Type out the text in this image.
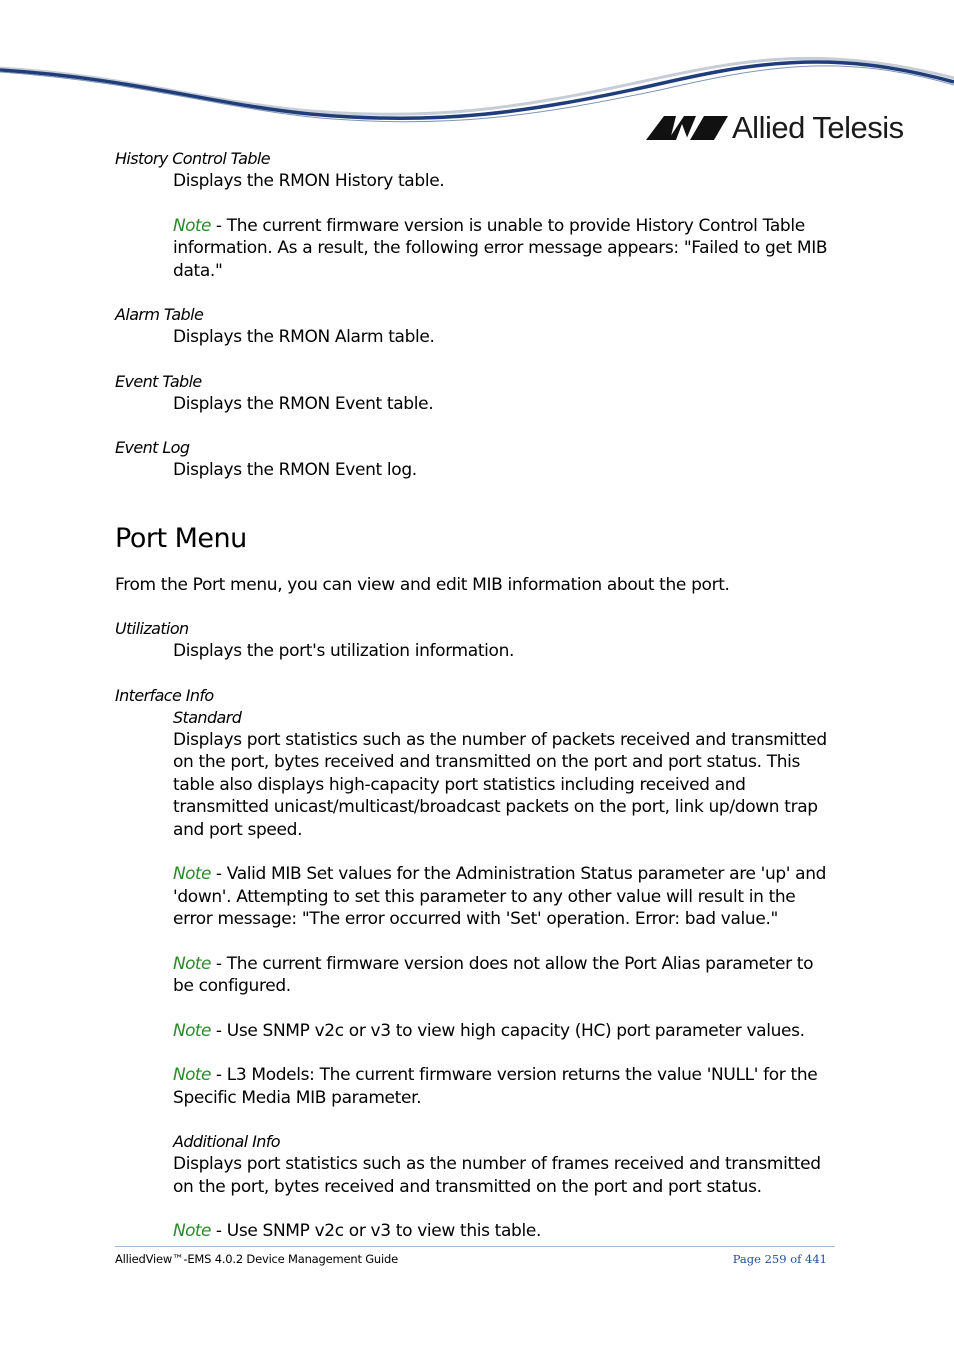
Allied Telesis

History Control Table

Displays the RMON History table.

Note - The current firmware version is unable to provide History Control Table information. As a result, the following error message appears: "Failed to get MIB data."

Alarm Table

Displays the RMON Alarm table.

Event Table

Displays the RMON Event table.

Event Log

Displays the RMON Event log.

Port Menu

From the Port menu, you can view and edit MIB information about the port.

Utilization

Displays the port's utilization information.

Interface Info

Standard

Displays port statistics such as the number of packets received and transmitted on the port, bytes received and transmitted on the port and port status. This table also displays high-capacity port statistics including received and transmitted unicast/multicast/broadcast packets on the port, link up/down trap and port speed.

Note - Valid MIB Set values for the Administration Status parameter are 'up' and 'down'. Attempting to set this parameter to any other value will result in the error message: "The error occurred with 'Set' operation. Error: bad value."

Note - The current firmware version does not allow the Port Alias parameter to be configured.

Note - Use SNMP v2c or v3 to view high capacity (HC) port parameter values.

Note - L3 Models: The current firmware version returns the value 'NULL' for the Specific Media MIB parameter.

Additional Info

Displays port statistics such as the number of frames received and transmitted on the port, bytes received and transmitted on the port and port status.

Note - Use SNMP v2c or v3 to view this table.

AlliedView™-EMS 4.0.2 Device Management Guide	Page 259 of 441
